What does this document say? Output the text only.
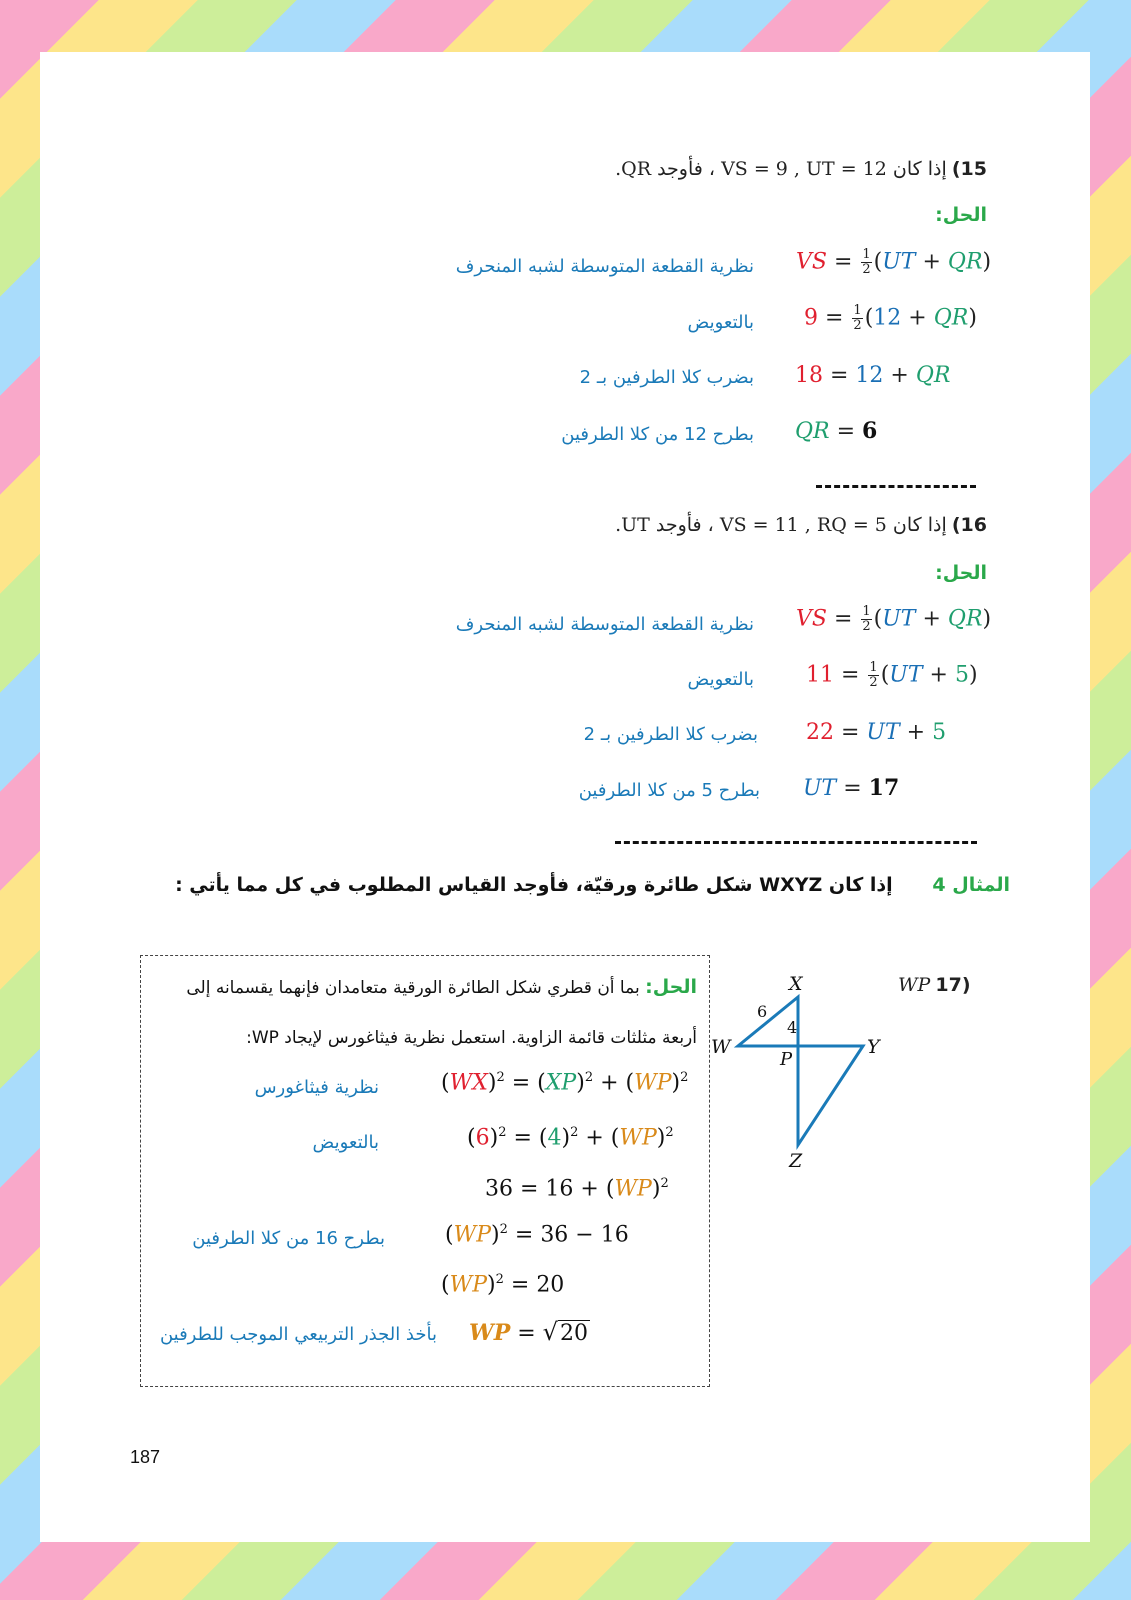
15) إذا كان VS = 9 , UT = 12 ، فأوجد QR.
الحل:
VS = $\frac{1}{2} (UT + QR)$
نظرية القطعة المتوسطة لشبه المنحرف
$9 = \frac{1}{2} (12 + QR)$
بالتعويض
18 = 12 + QR
بضرب كلا الطرفين بـ 2
QR = 6
بطرح 12 من كلا الطرفين
16) إذا كان VS = 11 , RQ = 5 ، فأوجد UT.
الحل:
VS = $\frac{1}{2} (UT + QR)$
نظرية القطعة المتوسطة لشبه المنحرف
$11 = \frac{1}{2} (UT + 5)$
بالتعويض
22 = UT + 5
بضرب كلا الطرفين بـ 2
UT = 17
بطرح 5 من كلا الطرفين
المثال 4      إذا كان WXYZ شكل طائرة ورقيّة، فأوجد القياس المطلوب في كل مما يأتي :
WP 17)
X
W	Y
Z
P
6
4
الحل: بما أن قطري شكل الطائرة الورقية متعامدان فإنهما يقسمانه إلى
أربعة مثلثات قائمة الزاوية. استعمل نظرية فيثاغورس لإيجاد WP:
(WX)$^2$ = (XP)$^2$ + (WP)$^2$
نظرية فيثاغورس
$(6)^2 = (4)^2 + (WP)^2$
بالتعويض
36 = 16 + (WP)$^2$
(WP)$^2$ = 36 − 16
بطرح 16 من كلا الطرفين
(WP)$^2$ = 20
WP = √20
بأخذ الجذر التربيعي الموجب للطرفين
187
